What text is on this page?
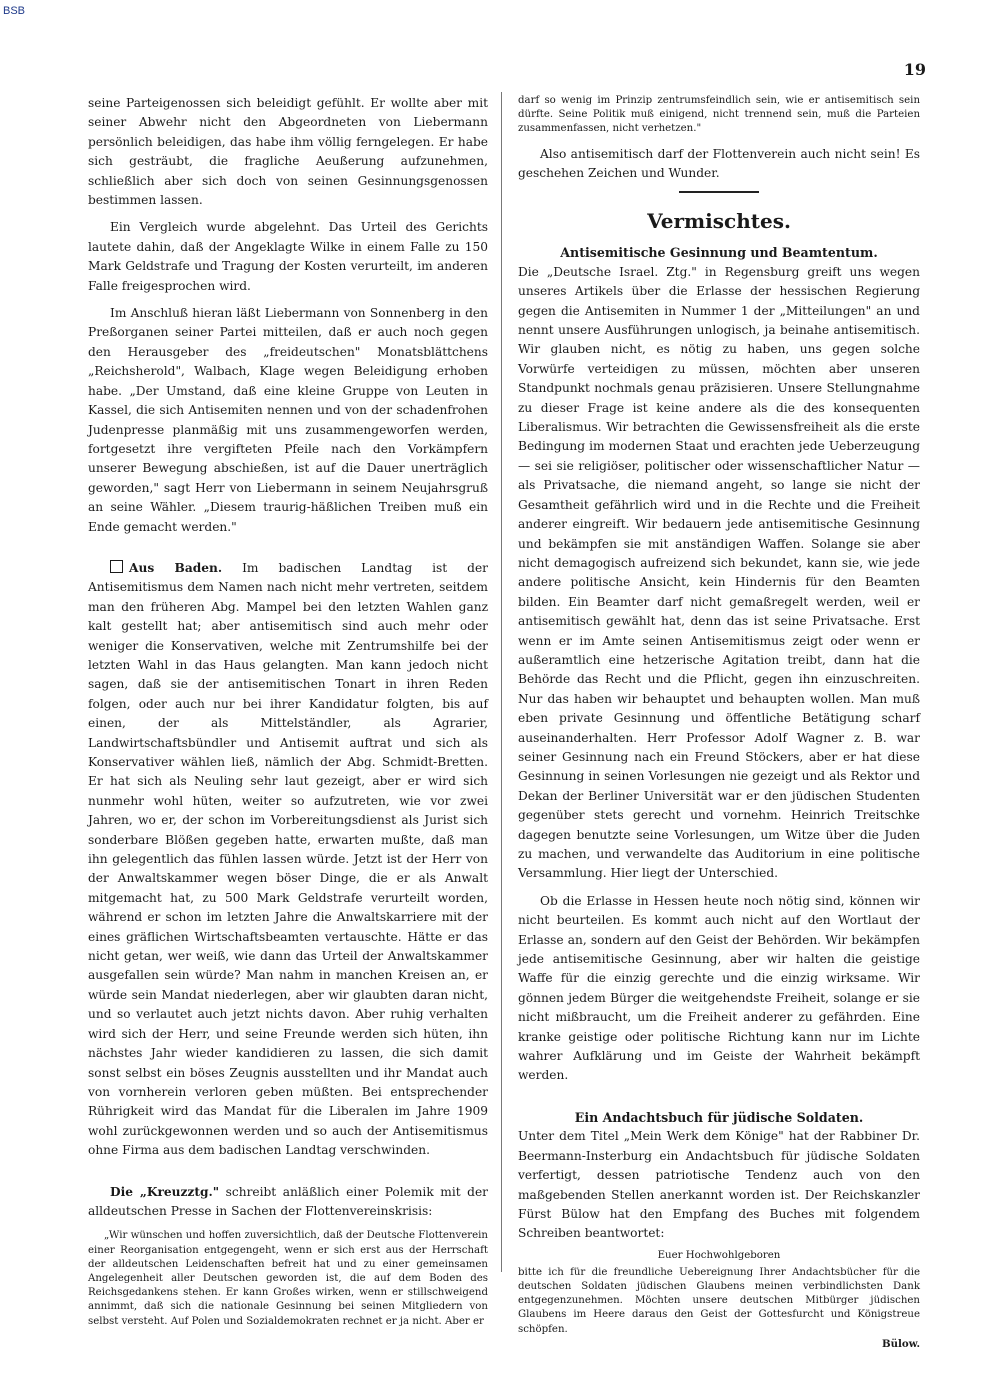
BSB
19

seine Parteigenossen sich beleidigt gefühlt. Er wollte aber mit seiner Abwehr nicht den Abgeordneten von Liebermann persönlich beleidigen, das habe ihm völlig ferngelegen. Er habe sich gesträubt, die fragliche Aeußerung aufzunehmen, schließlich aber sich doch von seinen Gesinnungsgenossen bestimmen lassen.

Ein Vergleich wurde abgelehnt. Das Urteil des Gerichts lautete dahin, daß der Angeklagte Wilke in einem Falle zu 150 Mark Geldstrafe und Tragung der Kosten verurteilt, im anderen Falle freigesprochen wird.

Im Anschluß hieran läßt Liebermann von Sonnenberg in den Preßorganen seiner Partei mitteilen, daß er auch noch gegen den Herausgeber des „freideutschen" Monatsblättchens „Reichsherold", Walbach, Klage wegen Beleidigung erhoben habe. „Der Umstand, daß eine kleine Gruppe von Leuten in Kassel, die sich Antisemiten nennen und von der schadenfrohen Judenpresse planmäßig mit uns zusammengeworfen werden, fortgesetzt ihre vergifteten Pfeile nach den Vorkämpfern unserer Bewegung abschießen, ist auf die Dauer unerträglich geworden," sagt Herr von Liebermann in seinem Neujahrsgruß an seine Wähler. „Diesem traurig-häßlichen Treiben muß ein Ende gemacht werden."

Aus Baden. Im badischen Landtag ist der Antisemitismus dem Namen nach nicht mehr vertreten, seitdem man den früheren Abg. Mampel bei den letzten Wahlen ganz kalt gestellt hat; aber antisemitisch sind auch mehr oder weniger die Konservativen, welche mit Zentrumshilfe bei der letzten Wahl in das Haus gelangten. Man kann jedoch nicht sagen, daß sie der antisemitischen Tonart in ihren Reden folgen, oder auch nur bei ihrer Kandidatur folgten, bis auf einen, der als Mittelständler, als Agrarier, Landwirtschaftsbündler und Antisemit auftrat und sich als Konservativer wählen ließ, nämlich der Abg. Schmidt-Bretten. Er hat sich als Neuling sehr laut gezeigt, aber er wird sich nunmehr wohl hüten, weiter so aufzutreten, wie vor zwei Jahren, wo er, der schon im Vorbereitungsdienst als Jurist sich sonderbare Blößen gegeben hatte, erwarten mußte, daß man ihn gelegentlich das fühlen lassen würde. Jetzt ist der Herr von der Anwaltskammer wegen böser Dinge, die er als Anwalt mitgemacht hat, zu 500 Mark Geldstrafe verurteilt worden, während er schon im letzten Jahre die Anwaltskarriere mit der eines gräflichen Wirtschaftsbeamten vertauschte. Hätte er das nicht getan, wer weiß, wie dann das Urteil der Anwaltskammer ausgefallen sein würde? Man nahm in manchen Kreisen an, er würde sein Mandat niederlegen, aber wir glaubten daran nicht, und so verlautet auch jetzt nichts davon. Aber ruhig verhalten wird sich der Herr, und seine Freunde werden sich hüten, ihn nächstes Jahr wieder kandidieren zu lassen, die sich damit sonst selbst ein böses Zeugnis ausstellten und ihr Mandat auch von vornherein verloren geben müßten. Bei entsprechender Rührigkeit wird das Mandat für die Liberalen im Jahre 1909 wohl zurückgewonnen werden und so auch der Antisemitismus ohne Firma aus dem badischen Landtag verschwinden.

Die „Kreuzztg." schreibt anläßlich einer Polemik mit der alldeutschen Presse in Sachen der Flottenvereinskrisis:

„Wir wünschen und hoffen zuversichtlich, daß der Deutsche Flottenverein einer Reorganisation entgegengeht, wenn er sich erst aus der Herrschaft der alldeutschen Leidenschaften befreit hat und zu einer gemeinsamen Angelegenheit aller Deutschen geworden ist, die auf dem Boden des Reichsgedankens stehen. Er kann Großes wirken, wenn er stillschweigend annimmt, daß sich die nationale Gesinnung bei seinen Mitgliedern von selbst versteht. Auf Polen und Sozialdemokraten rechnet er ja nicht. Aber er

darf so wenig im Prinzip zentrumsfeindlich sein, wie er antisemitisch sein dürfte. Seine Politik muß einigend, nicht trennend sein, muß die Parteien zusammenfassen, nicht verhetzen."

Also antisemitisch darf der Flottenverein auch nicht sein! Es geschehen Zeichen und Wunder.

Vermischtes.

Antisemitische Gesinnung und Beamtentum.

Die „Deutsche Israel. Ztg." in Regensburg greift uns wegen unseres Artikels über die Erlasse der hessischen Regierung gegen die Antisemiten in Nummer 1 der „Mitteilungen" an und nennt unsere Ausführungen unlogisch, ja beinahe antisemitisch. Wir glauben nicht, es nötig zu haben, uns gegen solche Vorwürfe verteidigen zu müssen, möchten aber unseren Standpunkt nochmals genau präzisieren. Unsere Stellungnahme zu dieser Frage ist keine andere als die des konsequenten Liberalismus. Wir betrachten die Gewissensfreiheit als die erste Bedingung im modernen Staat und erachten jede Ueberzeugung — sei sie religiöser, politischer oder wissenschaftlicher Natur — als Privatsache, die niemand angeht, so lange sie nicht der Gesamtheit gefährlich wird und in die Rechte und die Freiheit anderer eingreift. Wir bedauern jede antisemitische Gesinnung und bekämpfen sie mit anständigen Waffen. Solange sie aber nicht demagogisch aufreizend sich bekundet, kann sie, wie jede andere politische Ansicht, kein Hindernis für den Beamten bilden. Ein Beamter darf nicht gemaßregelt werden, weil er antisemitisch gewählt hat, denn das ist seine Privatsache. Erst wenn er im Amte seinen Antisemitismus zeigt oder wenn er außeramtlich eine hetzerische Agitation treibt, dann hat die Behörde das Recht und die Pflicht, gegen ihn einzuschreiten. Nur das haben wir behauptet und behaupten wollen. Man muß eben private Gesinnung und öffentliche Betätigung scharf auseinanderhalten. Herr Professor Adolf Wagner z. B. war seiner Gesinnung nach ein Freund Stöckers, aber er hat diese Gesinnung in seinen Vorlesungen nie gezeigt und als Rektor und Dekan der Berliner Universität war er den jüdischen Studenten gegenüber stets gerecht und vornehm. Heinrich Treitschke dagegen benutzte seine Vorlesungen, um Witze über die Juden zu machen, und verwandelte das Auditorium in eine politische Versammlung. Hier liegt der Unterschied.

Ob die Erlasse in Hessen heute noch nötig sind, können wir nicht beurteilen. Es kommt auch nicht auf den Wortlaut der Erlasse an, sondern auf den Geist der Behörden. Wir bekämpfen jede antisemitische Gesinnung, aber wir halten die geistige Waffe für die einzig gerechte und die einzig wirksame. Wir gönnen jedem Bürger die weitgehendste Freiheit, solange er sie nicht mißbraucht, um die Freiheit anderer zu gefährden. Eine kranke geistige oder politische Richtung kann nur im Lichte wahrer Aufklärung und im Geiste der Wahrheit bekämpft werden.

Ein Andachtsbuch für jüdische Soldaten.

Unter dem Titel „Mein Werk dem Könige" hat der Rabbiner Dr. Beermann-Insterburg ein Andachtsbuch für jüdische Soldaten verfertigt, dessen patriotische Tendenz auch von den maßgebenden Stellen anerkannt worden ist. Der Reichskanzler Fürst Bülow hat den Empfang des Buches mit folgendem Schreiben beantwortet:

Euer Hochwohlgeboren

bitte ich für die freundliche Uebereignung Ihrer Andachtsbücher für die deutschen Soldaten jüdischen Glaubens meinen verbindlichsten Dank entgegenzunehmen. Möchten unsere deutschen Mitbürger jüdischen Glaubens im Heere daraus den Geist der Gottesfurcht und Königstreue schöpfen.

Bülow.
